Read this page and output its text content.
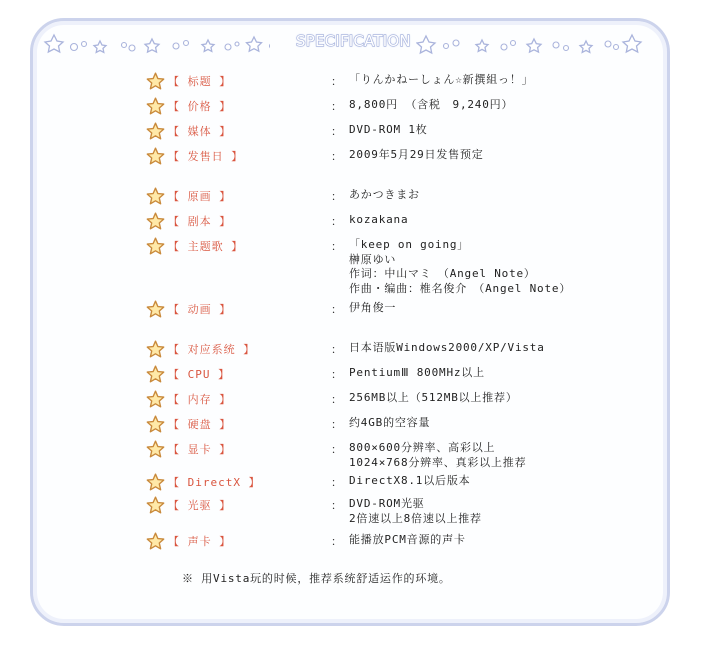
SPECIFICATION
【 标题 】	： 「りんかねーしょん☆新撰組っ！」
【 价格 】	： 8,800円 （含税　9,240円）
【 媒体 】	： DVD-ROM 1枚
【 发售日 】	： 2009年5月29日发售预定
【 原画 】	： あかつきまお
【 剧本 】	： kozakana
【 主题歌 】	： 「keep on going」
榊原ゆい
作词：中山マミ　（Angel Note）
作曲・编曲：椎名俊介　（Angel Note）
【 动画 】	： 伊角俊一
【 对应系统 】	： 日本语版Windows2000/XP/Vista
【 CPU 】	： PentiumⅢ 800MHz以上
【 内存 】	： 256MB以上（512MB以上推荐）
【 硬盘 】	： 约4GB的空容量
【 显卡 】	： 800×600分辨率、高彩以上
1024×768分辨率、真彩以上推荐
【 DirectX 】	： DirectX8.1以后版本
【 光驱 】	： DVD-ROM光驱
2倍速以上8倍速以上推荐
【 声卡 】	： 能播放PCM音源的声卡
※ 用Vista玩的时候，推荐系统舒适运作的环境。
